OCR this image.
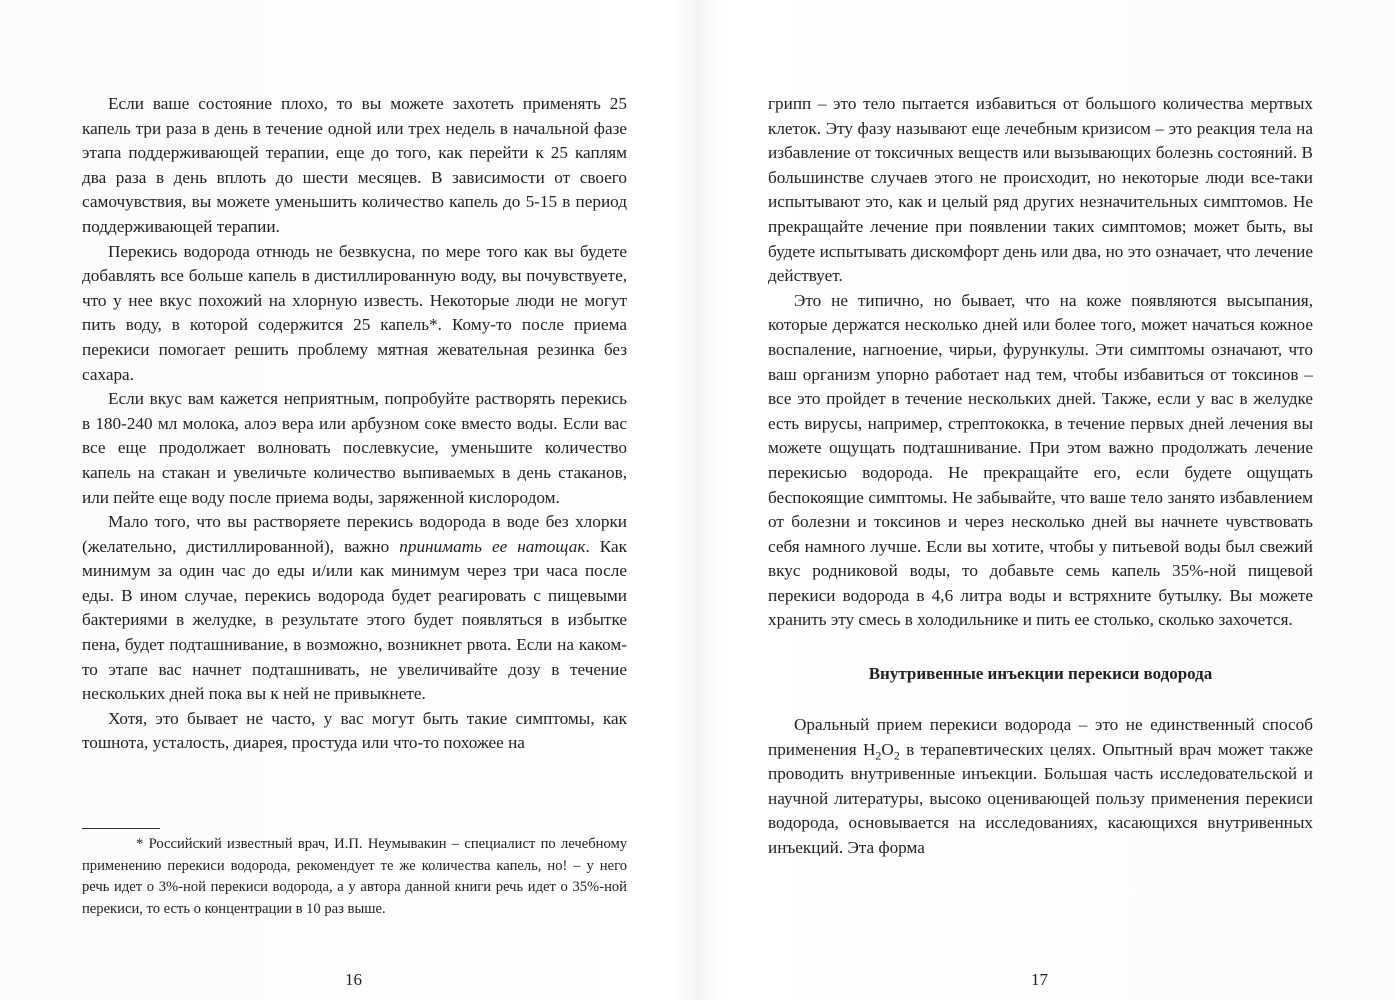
Если ваше состояние плохо, то вы можете захотеть применять 25 капель три раза в день в течение одной или трех недель в начальной фазе этапа поддерживающей терапии, еще до того, как перейти к 25 каплям два раза в день вплоть до шести месяцев. В зависимости от своего самочувствия, вы можете уменьшить количество капель до 5-15 в период поддерживающей терапии.

Перекись водорода отнюдь не безвкусна, по мере того как вы будете добавлять все больше капель в дистиллированную воду, вы почувствуете, что у нее вкус похожий на хлорную известь. Некоторые люди не могут пить воду, в которой содержится 25 капель*. Кому-то после приема перекиси помогает решить проблему мятная жевательная резинка без сахара.

Если вкус вам кажется неприятным, попробуйте растворять перекись в 180-240 мл молока, алоэ вера или арбузном соке вместо воды. Если вас все еще продолжает волновать послевкусие, уменьшите количество капель на стакан и увеличьте количество выпиваемых в день стаканов, или пейте еще воду после приема воды, заряженной кислородом.

Мало того, что вы растворяете перекись водорода в воде без хлорки (желательно, дистиллированной), важно принимать ее натощак. Как минимум за один час до еды и/или как минимум через три часа после еды. В ином случае, перекись водорода будет реагировать с пищевыми бактериями в желудке, в результате этого будет появляться в избытке пена, будет подташнивание, в возможно, возникнет рвота. Если на каком-то этапе вас начнет подташнивать, не увеличивайте дозу в течение нескольких дней пока вы к ней не привыкнете.

Хотя, это бывает не часто, у вас могут быть такие симптомы, как тошнота, усталость, диарея, простуда или что-то похожее на

* Российский известный врач, И.П. Неумывакин – специалист по лечебному применению перекиси водорода, рекомендует те же количества капель, но! – у него речь идет о 3%-ной перекиси водорода, а у автора данной книги речь идет о 35%-ной перекиси, то есть о концентрации в 10 раз выше.

16

грипп – это тело пытается избавиться от большого количества мертвых клеток. Эту фазу называют еще лечебным кризисом – это реакция тела на избавление от токсичных веществ или вызывающих болезнь состояний. В большинстве случаев этого не происходит, но некоторые люди все-таки испытывают это, как и целый ряд других незначительных симптомов. Не прекращайте лечение при появлении таких симптомов; может быть, вы будете испытывать дискомфорт день или два, но это означает, что лечение действует.

Это не типично, но бывает, что на коже появляются высыпания, которые держатся несколько дней или более того, может начаться кожное воспаление, нагноение, чирьи, фурункулы. Эти симптомы означают, что ваш организм упорно работает над тем, чтобы избавиться от токсинов – все это пройдет в течение нескольких дней. Также, если у вас в желудке есть вирусы, например, стрептококка, в течение первых дней лечения вы можете ощущать подташнивание. При этом важно продолжать лечение перекисью водорода. Не прекращайте его, если будете ощущать беспокоящие симптомы. Не забывайте, что ваше тело занято избавлением от болезни и токсинов и через несколько дней вы начнете чувствовать себя намного лучше. Если вы хотите, чтобы у питьевой воды был свежий вкус родниковой воды, то добавьте семь капель 35%-ной пищевой перекиси водорода в 4,6 литра воды и встряхните бутылку. Вы можете хранить эту смесь в холодильнике и пить ее столько, сколько захочется.

Внутривенные инъекции перекиси водорода

Оральный прием перекиси водорода – это не единственный способ применения $H_2O_2$ в терапевтических целях. Опытный врач может также проводить внутривенные инъекции. Большая часть исследовательской и научной литературы, высоко оценивающей пользу применения перекиси водорода, основывается на исследованиях, касающихся внутривенных инъекций. Эта форма

17
